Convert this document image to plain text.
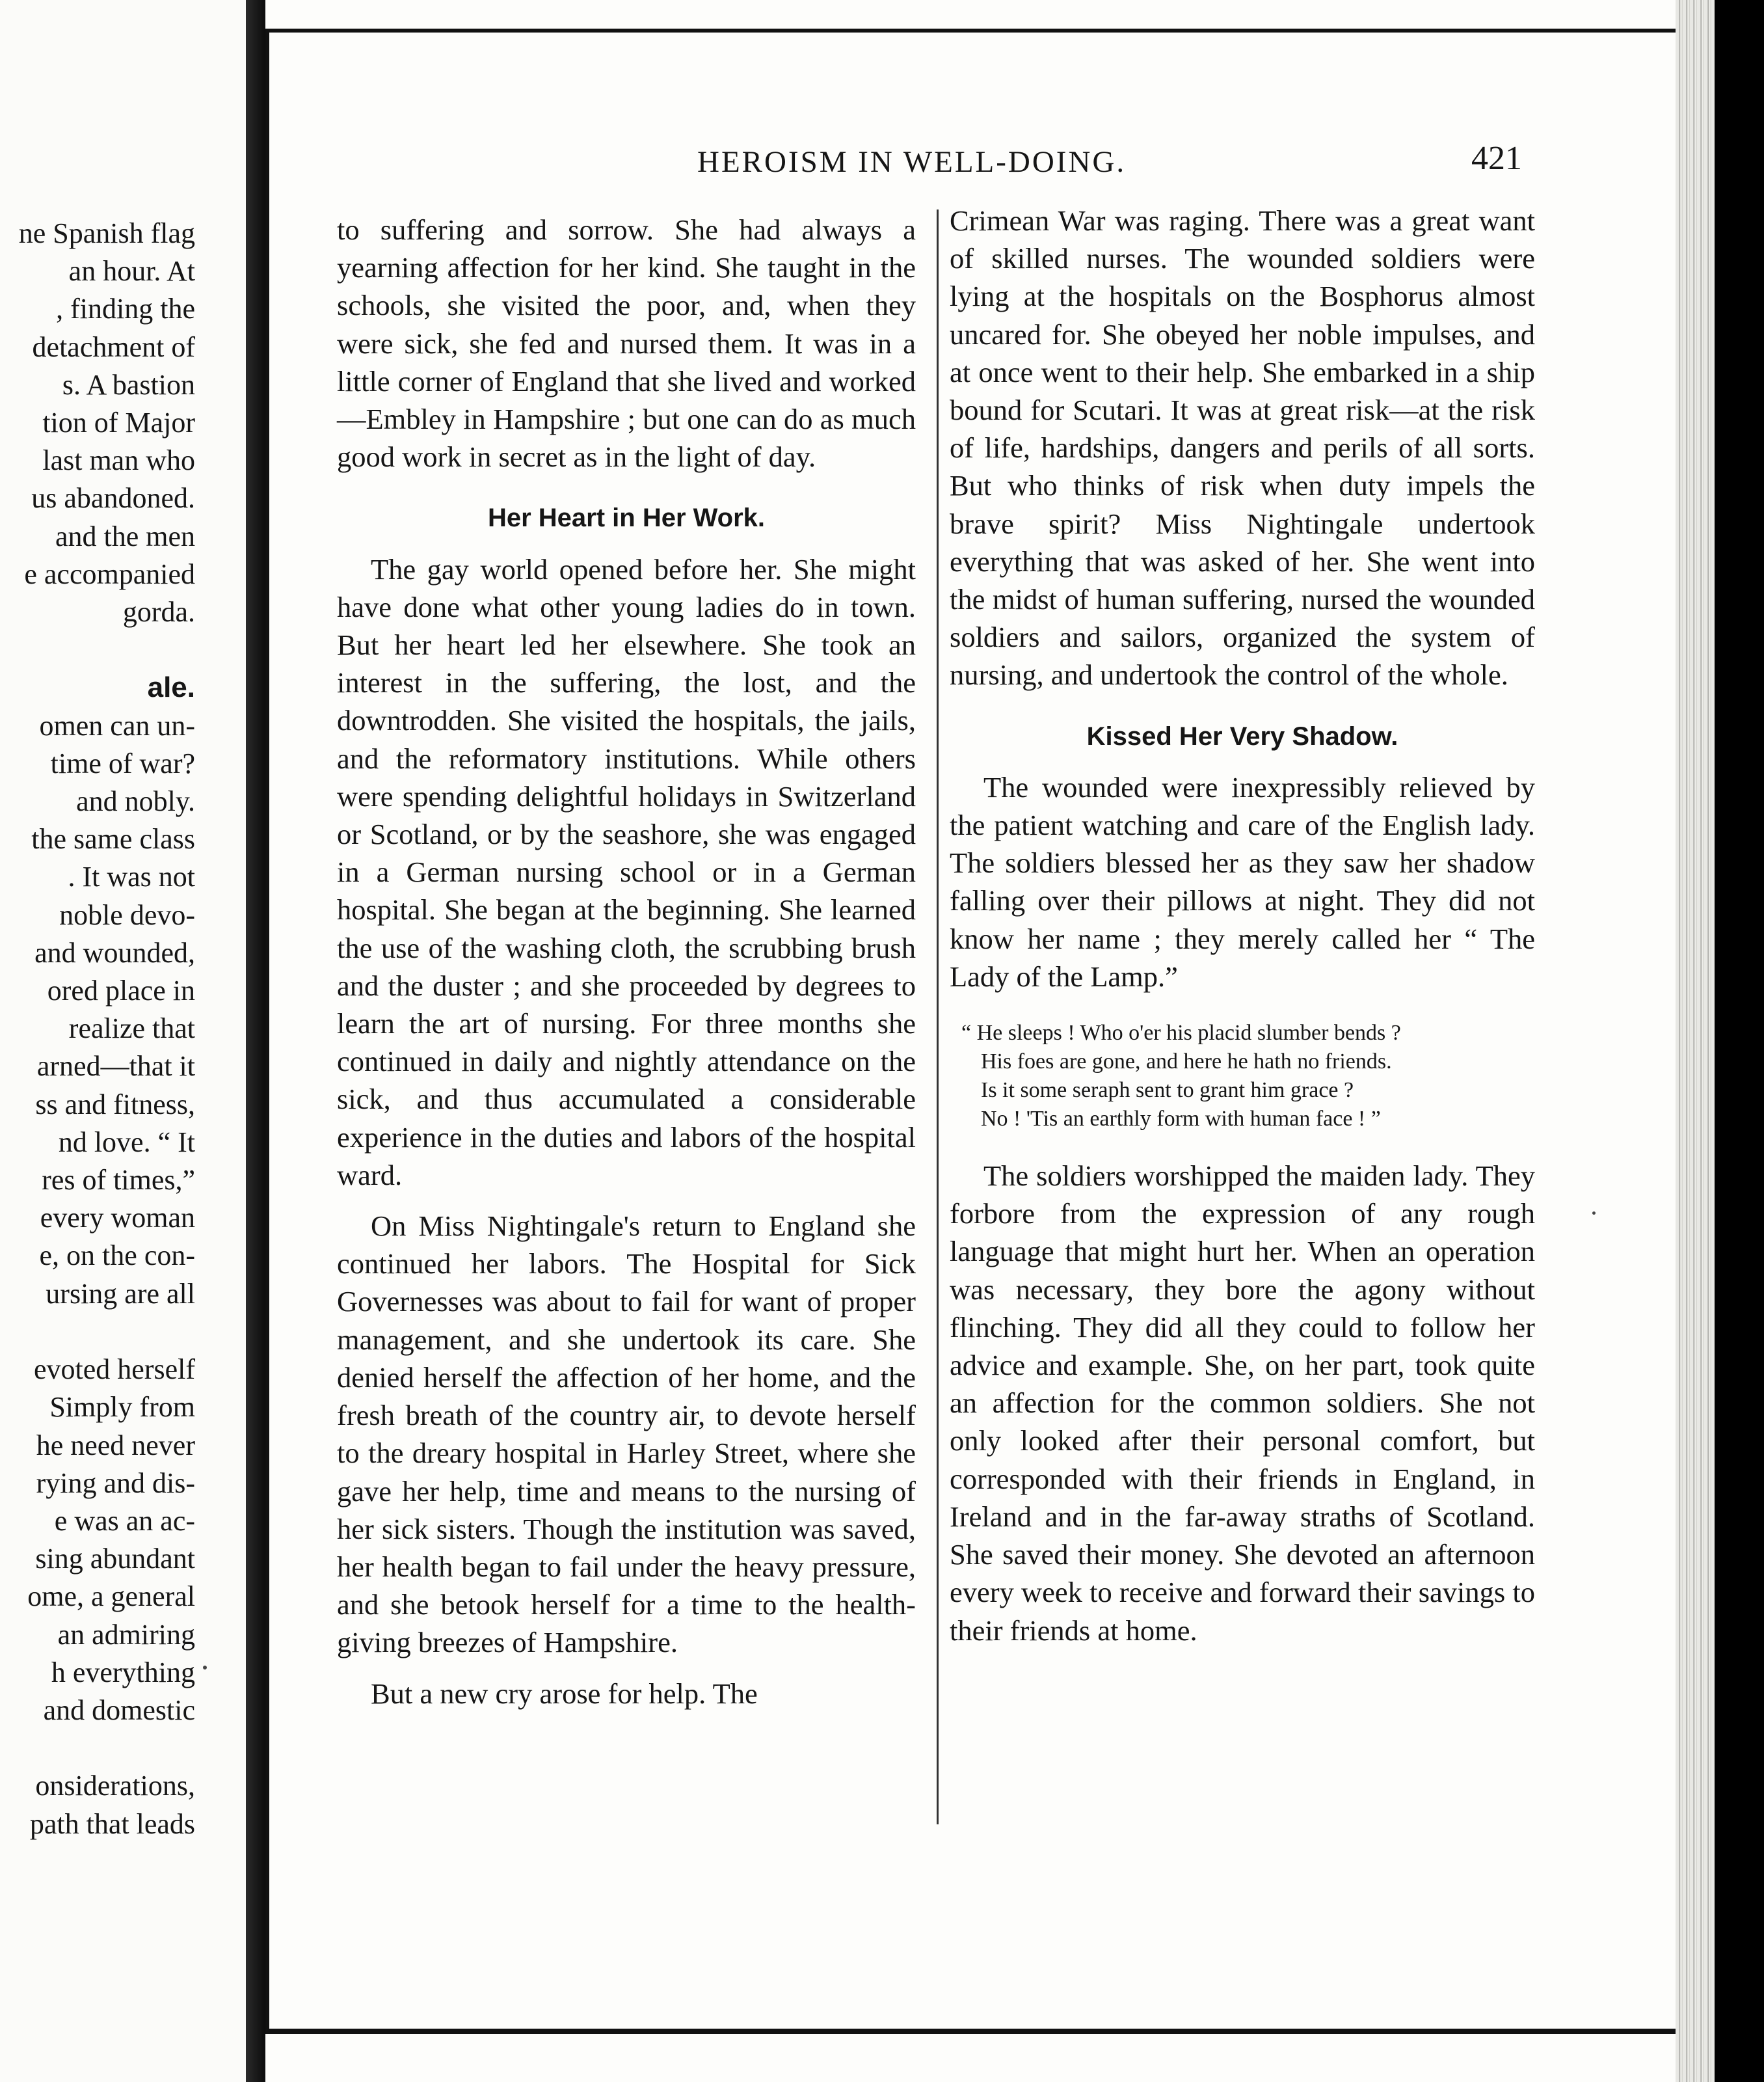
ne Spanish flag
an hour. At
, finding the
detachment of
s. A bastion
tion of Major
last man who
us abandoned.
and the men
e accompanied
gorda.

ale.
omen can un-
time of war?
and nobly.
the same class
. It was not
noble devo-
and wounded,
ored place in
realize that
arned—that it
ss and fitness,
nd love. “ It
res of times,”
every woman
e, on the con-
ursing are all

evoted herself
Simply from
he need never
rying and dis-
e was an ac-
sing abundant
ome, a general
an admiring
h everything
and domestic

onsiderations,
path that leads
HEROISM IN WELL-DOING.	421

to suffering and sorrow. She had always a yearning affection for her kind. She taught in the schools, she visited the poor, and, when they were sick, she fed and nursed them. It was in a little corner of England that she lived and worked—Embley in Hampshire ; but one can do as much good work in secret as in the light of day.

Her Heart in Her Work.

The gay world opened before her. She might have done what other young ladies do in town. But her heart led her elsewhere. She took an interest in the suffering, the lost, and the downtrodden. She visited the hospitals, the jails, and the reformatory institutions. While others were spending delightful holidays in Switzerland or Scotland, or by the seashore, she was engaged in a German nursing school or in a German hospital. She began at the beginning. She learned the use of the washing cloth, the scrubbing brush and the duster ; and she proceeded by degrees to learn the art of nursing. For three months she continued in daily and nightly attendance on the sick, and thus accumulated a considerable experience in the duties and labors of the hospital ward.

On Miss Nightingale's return to England she continued her labors. The Hospital for Sick Governesses was about to fail for want of proper management, and she undertook its care. She denied herself the affection of her home, and the fresh breath of the country air, to devote herself to the dreary hospital in Harley Street, where she gave her help, time and means to the nursing of her sick sisters. Though the institution was saved, her health began to fail under the heavy pressure, and she betook herself for a time to the health-giving breezes of Hampshire.

But a new cry arose for help. The

Crimean War was raging. There was a great want of skilled nurses. The wounded soldiers were lying at the hospitals on the Bosphorus almost uncared for. She obeyed her noble impulses, and at once went to their help. She embarked in a ship bound for Scutari. It was at great risk—at the risk of life, hardships, dangers and perils of all sorts. But who thinks of risk when duty impels the brave spirit? Miss Nightingale undertook everything that was asked of her. She went into the midst of human suffering, nursed the wounded soldiers and sailors, organized the system of nursing, and undertook the control of the whole.

Kissed Her Very Shadow.

The wounded were inexpressibly relieved by the patient watching and care of the English lady. The soldiers blessed her as they saw her shadow falling over their pillows at night. They did not know her name ; they merely called her “ The Lady of the Lamp.”

“ He sleeps ! Who o'er his placid slumber bends ?
His foes are gone, and here he hath no friends.
Is it some seraph sent to grant him grace ?
No ! 'Tis an earthly form with human face ! ”

The soldiers worshipped the maiden lady. They forbore from the expression of any rough language that might hurt her. When an operation was necessary, they bore the agony without flinching. They did all they could to follow her advice and example. She, on her part, took quite an affection for the common soldiers. She not only looked after their personal comfort, but corresponded with their friends in England, in Ireland and in the far-away straths of Scotland. She saved their money. She devoted an afternoon every week to receive and forward their savings to their friends at home.
